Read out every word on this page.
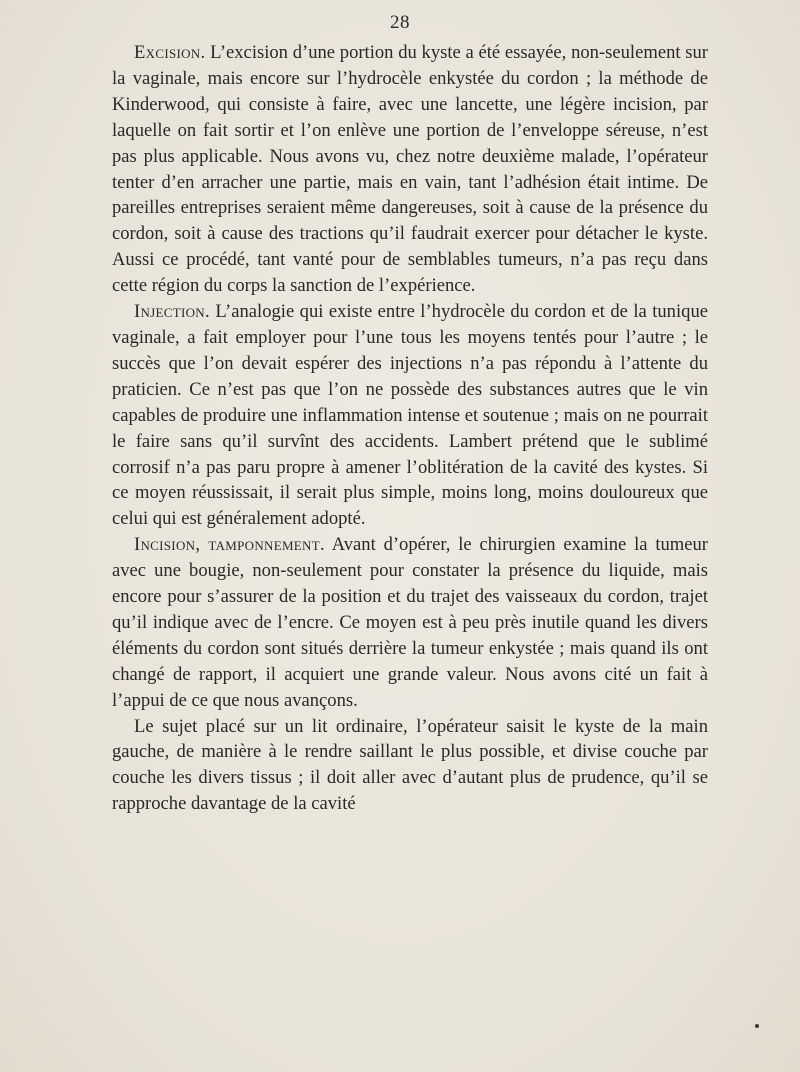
28

Excision. L’excision d’une portion du kyste a été essayée, non-seulement sur la vaginale, mais encore sur l’hydrocèle enkystée du cordon ; la méthode de Kinderwood, qui consiste à faire, avec une lancette, une légère incision, par laquelle on fait sortir et l’on enlève une portion de l’enveloppe séreuse, n’est pas plus applicable. Nous avons vu, chez notre deuxième malade, l’opérateur tenter d’en arracher une partie, mais en vain, tant l’adhésion était intime. De pareilles entreprises seraient même dangereuses, soit à cause de la présence du cordon, soit à cause des tractions qu’il faudrait exercer pour détacher le kyste. Aussi ce procédé, tant vanté pour de semblables tumeurs, n’a pas reçu dans cette région du corps la sanction de l’expérience.

Injection. L’analogie qui existe entre l’hydrocèle du cordon et de la tunique vaginale, a fait employer pour l’une tous les moyens tentés pour l’autre ; le succès que l’on devait espérer des injections n’a pas répondu à l’attente du praticien. Ce n’est pas que l’on ne possède des substances autres que le vin capables de produire une inflammation intense et soutenue ; mais on ne pourrait le faire sans qu’il survînt des accidents. Lambert prétend que le sublimé corrosif n’a pas paru propre à amener l’oblitération de la cavité des kystes. Si ce moyen réussissait, il serait plus simple, moins long, moins douloureux que celui qui est généralement adopté.

Incision, tamponnement. Avant d’opérer, le chirurgien examine la tumeur avec une bougie, non-seulement pour constater la présence du liquide, mais encore pour s’assurer de la position et du trajet des vaisseaux du cordon, trajet qu’il indique avec de l’encre. Ce moyen est à peu près inutile quand les divers éléments du cordon sont situés derrière la tumeur enkystée ; mais quand ils ont changé de rapport, il acquiert une grande valeur. Nous avons cité un fait à l’appui de ce que nous avançons.

Le sujet placé sur un lit ordinaire, l’opérateur saisit le kyste de la main gauche, de manière à le rendre saillant le plus possible, et divise couche par couche les divers tissus ; il doit aller avec d’autant plus de prudence, qu’il se rapproche davantage de la cavité
